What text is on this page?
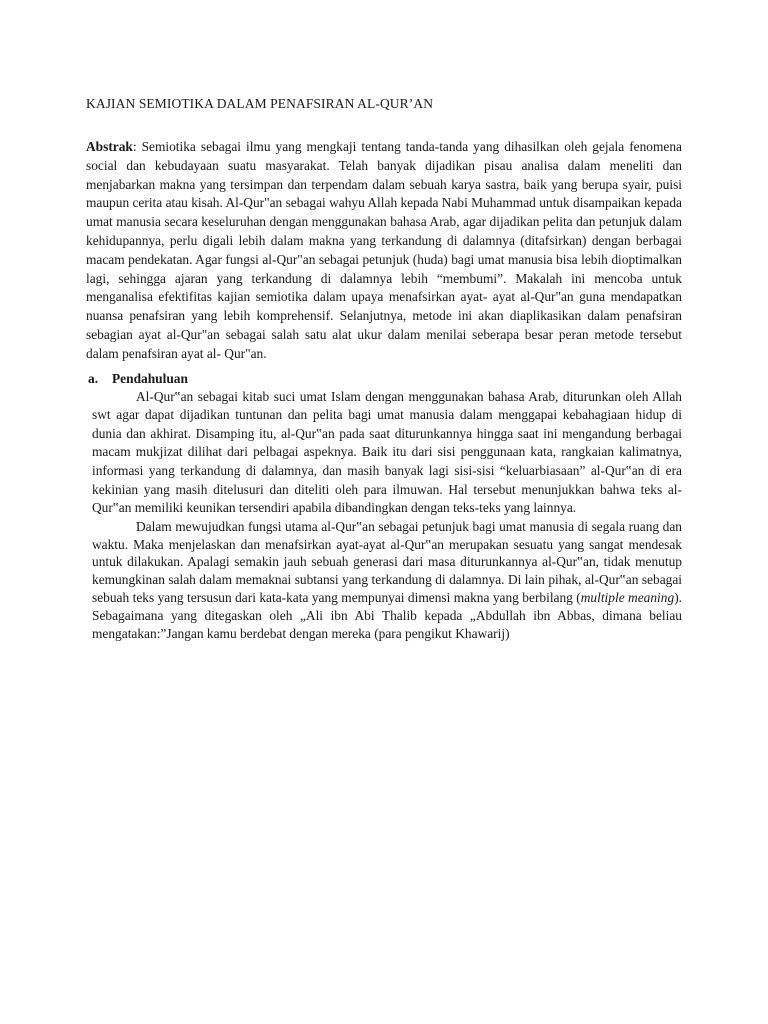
KAJIAN SEMIOTIKA DALAM PENAFSIRAN AL-QUR’AN

Abstrak: Semiotika sebagai ilmu yang mengkaji tentang tanda-tanda yang dihasilkan oleh gejala fenomena social dan kebudayaan suatu masyarakat. Telah banyak dijadikan pisau analisa dalam meneliti dan menjabarkan makna yang tersimpan dan terpendam dalam sebuah karya sastra, baik yang berupa syair, puisi maupun cerita atau kisah. Al-Qur"an sebagai wahyu Allah kepada Nabi Muhammad untuk disampaikan kepada umat manusia secara keseluruhan dengan menggunakan bahasa Arab, agar dijadikan pelita dan petunjuk dalam kehidupannya, perlu digali lebih dalam makna yang terkandung di dalamnya (ditafsirkan) dengan berbagai macam pendekatan. Agar fungsi al-Qur"an sebagai petunjuk (huda) bagi umat manusia bisa lebih dioptimalkan lagi, sehingga ajaran yang terkandung di dalamnya lebih “membumi”. Makalah ini mencoba untuk menganalisa efektifitas kajian semiotika dalam upaya menafsirkan ayat- ayat al-Qur"an guna mendapatkan nuansa penafsiran yang lebih komprehensif. Selanjutnya, metode ini akan diaplikasikan dalam penafsiran sebagian ayat al-Qur"an sebagai salah satu alat ukur dalam menilai seberapa besar peran metode tersebut dalam penafsiran ayat al- Qur"an.

a. Pendahuluan

Al-Qur‟an sebagai kitab suci umat Islam dengan menggunakan bahasa Arab, diturunkan oleh Allah swt agar dapat dijadikan tuntunan dan pelita bagi umat manusia dalam menggapai kebahagiaan hidup di dunia dan akhirat. Disamping itu, al-Qur‟an pada saat diturunkannya hingga saat ini mengandung berbagai macam mukjizat dilihat dari pelbagai aspeknya. Baik itu dari sisi penggunaan kata, rangkaian kalimatnya, informasi yang terkandung di dalamnya, dan masih banyak lagi sisi-sisi “keluarbiasaan” al-Qur‟an di era kekinian yang masih ditelusuri dan diteliti oleh para ilmuwan. Hal tersebut menunjukkan bahwa teks al-Qur‟an memiliki keunikan tersendiri apabila dibandingkan dengan teks-teks yang lainnya.

Dalam mewujudkan fungsi utama al-Qur‟an sebagai petunjuk bagi umat manusia di segala ruang dan waktu. Maka menjelaskan dan menafsirkan ayat-ayat al-Qur‟an merupakan sesuatu yang sangat mendesak untuk dilakukan. Apalagi semakin jauh sebuah generasi dari masa diturunkannya al-Qur‟an, tidak menutup kemungkinan salah dalam memaknai subtansi yang terkandung di dalamnya. Di lain pihak, al-Qur‟an sebagai sebuah teks yang tersusun dari kata-kata yang mempunyai dimensi makna yang berbilang (multiple meaning). Sebagaimana yang ditegaskan oleh „Ali ibn Abi Thalib kepada „Abdullah ibn Abbas, dimana beliau mengatakan:”Jangan kamu berdebat dengan mereka (para pengikut Khawarij)
